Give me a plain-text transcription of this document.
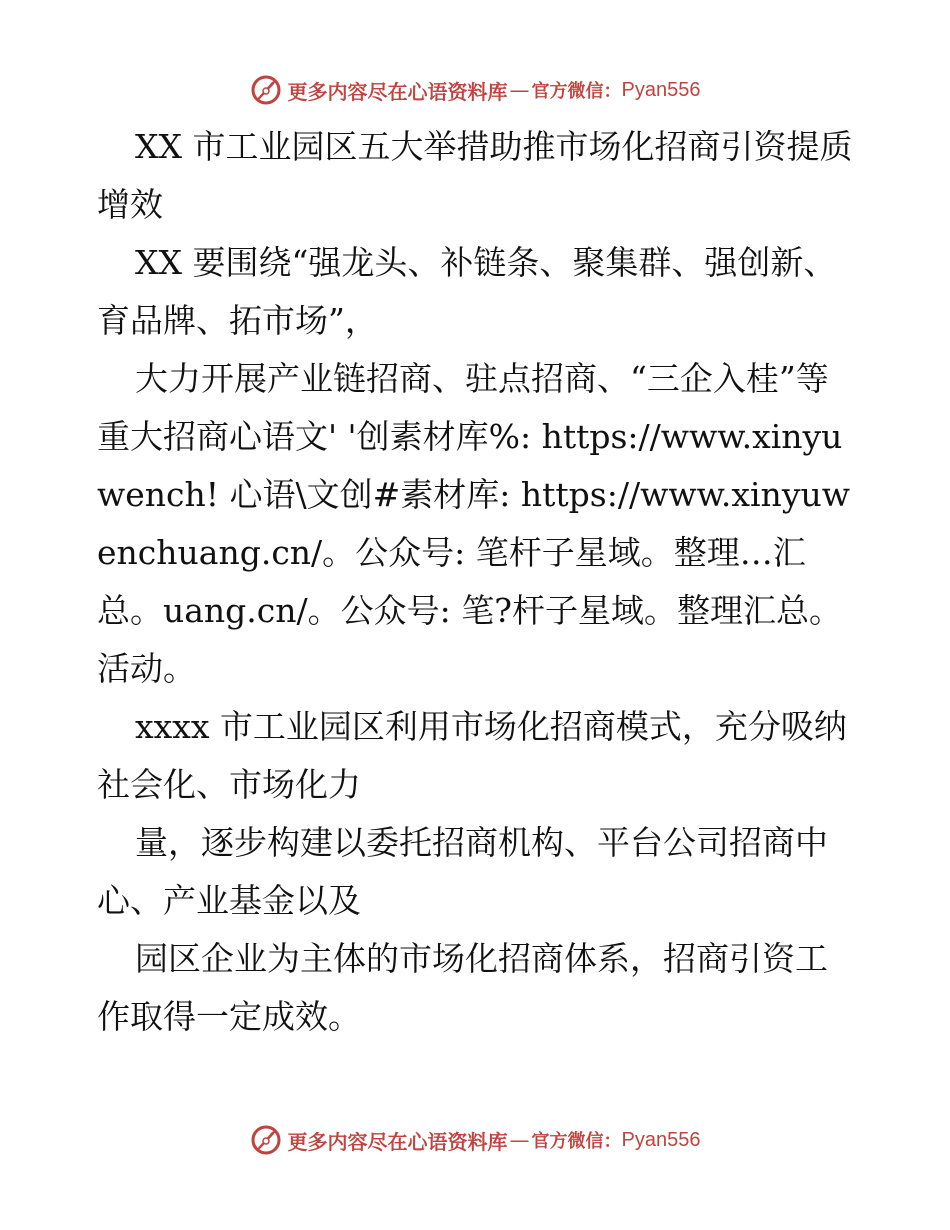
更多内容尽在心语资料库 — 官方微信： Pyan556

XX 市工业园区五大举措助推市场化招商引资提质增效

XX 要围绕“强龙头、补链条、聚集群、强创新、育品牌、拓市场”，

大力开展产业链招商、驻点招商、“三企入桂”等重大招商心语文' '创素材库%: https://www.xinyuwench! 心语\文创#素材库: https://www.xinyuwenchuang.cn/。公众号: 笔杆子星域。整理…汇总。uang.cn/。公众号: 笔?杆子星域。整理汇总。活动。

xxxx 市工业园区利用市场化招商模式，充分吸纳社会化、市场化力

量，逐步构建以委托招商机构、平台公司招商中心、产业基金以及

园区企业为主体的市场化招商体系，招商引资工作取得一定成效。

更多内容尽在心语资料库 — 官方微信： Pyan556
